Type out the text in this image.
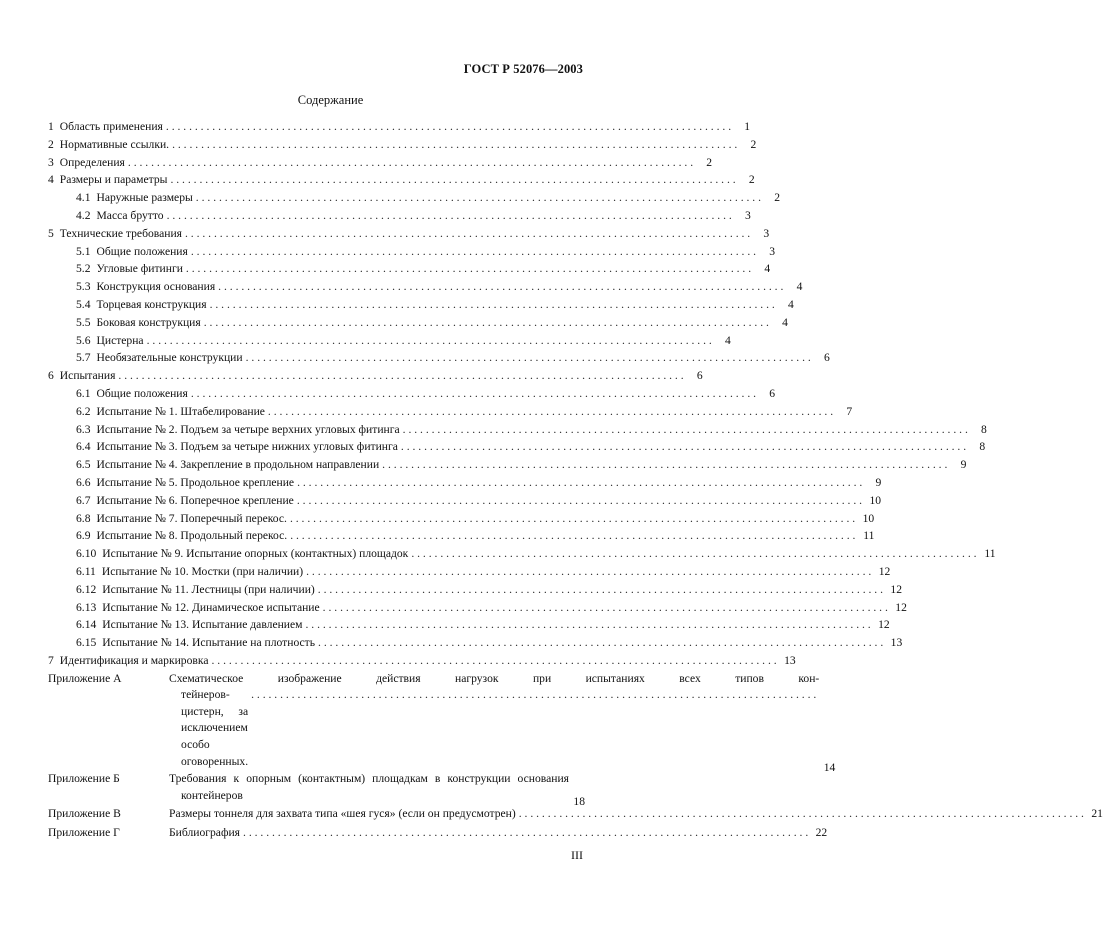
ГОСТ Р 52076—2003
Содержание
1 Область применения . . .	1
2 Нормативные ссылки. . . .	2
3 Определения . . .	2
4 Размеры и параметры . . .	2
4.1 Наружные размеры . . .	2
4.2 Масса брутто . . .	3
5 Технические требования . . .	3
5.1 Общие положения . . .	3
5.2 Угловые фитинги . . .	4
5.3 Конструкция основания . . .	4
5.4 Торцевая конструкция . . .	4
5.5 Боковая конструкция . . .	4
5.6 Цистерна . . .	4
5.7 Необязательные конструкции . . .	6
6 Испытания . . .	6
6.1 Общие положения . . .	6
6.2 Испытание № 1. Штабелирование . . .	7
6.3 Испытание № 2. Подъем за четыре верхних угловых фитинга . . .	8
6.4 Испытание № 3. Подъем за четыре нижних угловых фитинга . . .	8
6.5 Испытание № 4. Закрепление в продольном направлении . . .	9
6.6 Испытание № 5. Продольное крепление . . .	9
6.7 Испытание № 6. Поперечное крепление . . .	10
6.8 Испытание № 7. Поперечный перекос. . . .	10
6.9 Испытание № 8. Продольный перекос. . . .	11
6.10 Испытание № 9. Испытание опорных (контактных) площадок . . .	11
6.11 Испытание № 10. Мостки (при наличии) . . .	12
6.12 Испытание № 11. Лестницы (при наличии) . . .	12
6.13 Испытание № 12. Динамическое испытание . . .	12
6.14 Испытание № 13. Испытание давлением . . .	12
6.15 Испытание № 14. Испытание на плотность . . .	13
7 Идентификация и маркировка . . .	13
Приложение А	Схематическое изображение действия нагрузок при испытаниях всех типов кон-
тейнеров-цистерн, за исключением особо оговоренных.
. . .	14
Приложение Б	Требования к опорным (контактным) площадкам в конструкции основания
контейнеров	18
Приложение В	Размеры тоннеля для захвата типа «шея гуся» (если он предусмотрен) . . .	21
Приложение Г	Библиография . . .	22
III
